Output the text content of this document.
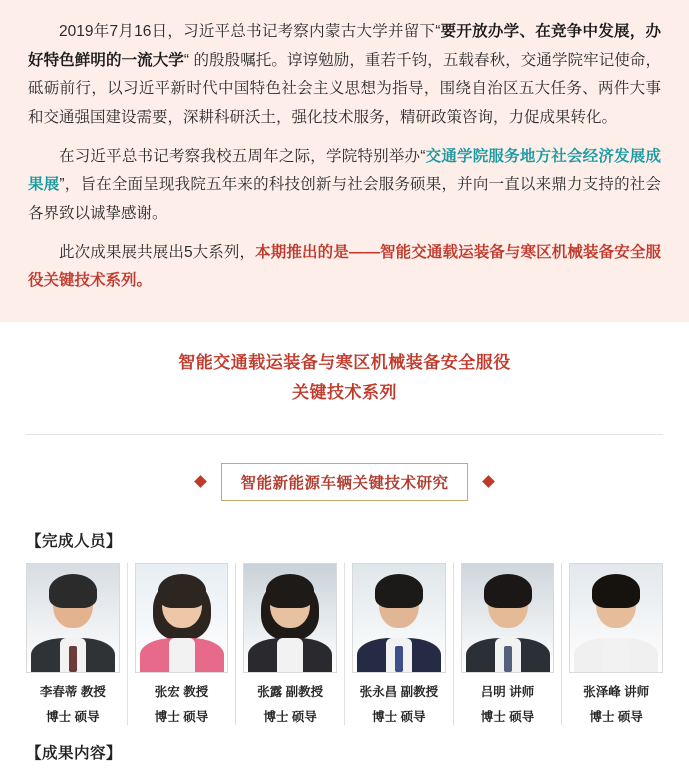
2019年7月16日，习近平总书记考察内蒙古大学并留下“要开放办学、在竞争中发展，办好特色鲜明的一流大学“ 的殷殷嘱托。谆谆勉励，重若千钧，五载春秋，交通学院牢记使命，砥砺前行，以习近平新时代中国特色社会主义思想为指导，围绕自治区五大任务、两件大事和交通强国建设需要，深耕科研沃土，强化技术服务，精研政策咨询，力促成果转化。

在习近平总书记考察我校五周年之际，学院特别举办“交通学院服务地方社会经济发展成果展”，旨在全面呈现我院五年来的科技创新与社会服务硕果，并向一直以来鼎力支持的社会各界致以诚挚感谢。

此次成果展共展出5大系列，本期推出的是——智能交通载运装备与寒区机械装备安全服役关键技术系列。

智能交通载运装备与寒区机械装备安全服役
关键技术系列
智能新能源车辆关键技术研究
【完成人员】
李春蒂 教授
博士 硕导
张宏 教授
博士 硕导
张露 副教授
博士 硕导
张永昌 副教授
博士 硕导
吕明 讲师
博士 硕导
张泽峰 讲师
博士 硕导
【成果内容】
